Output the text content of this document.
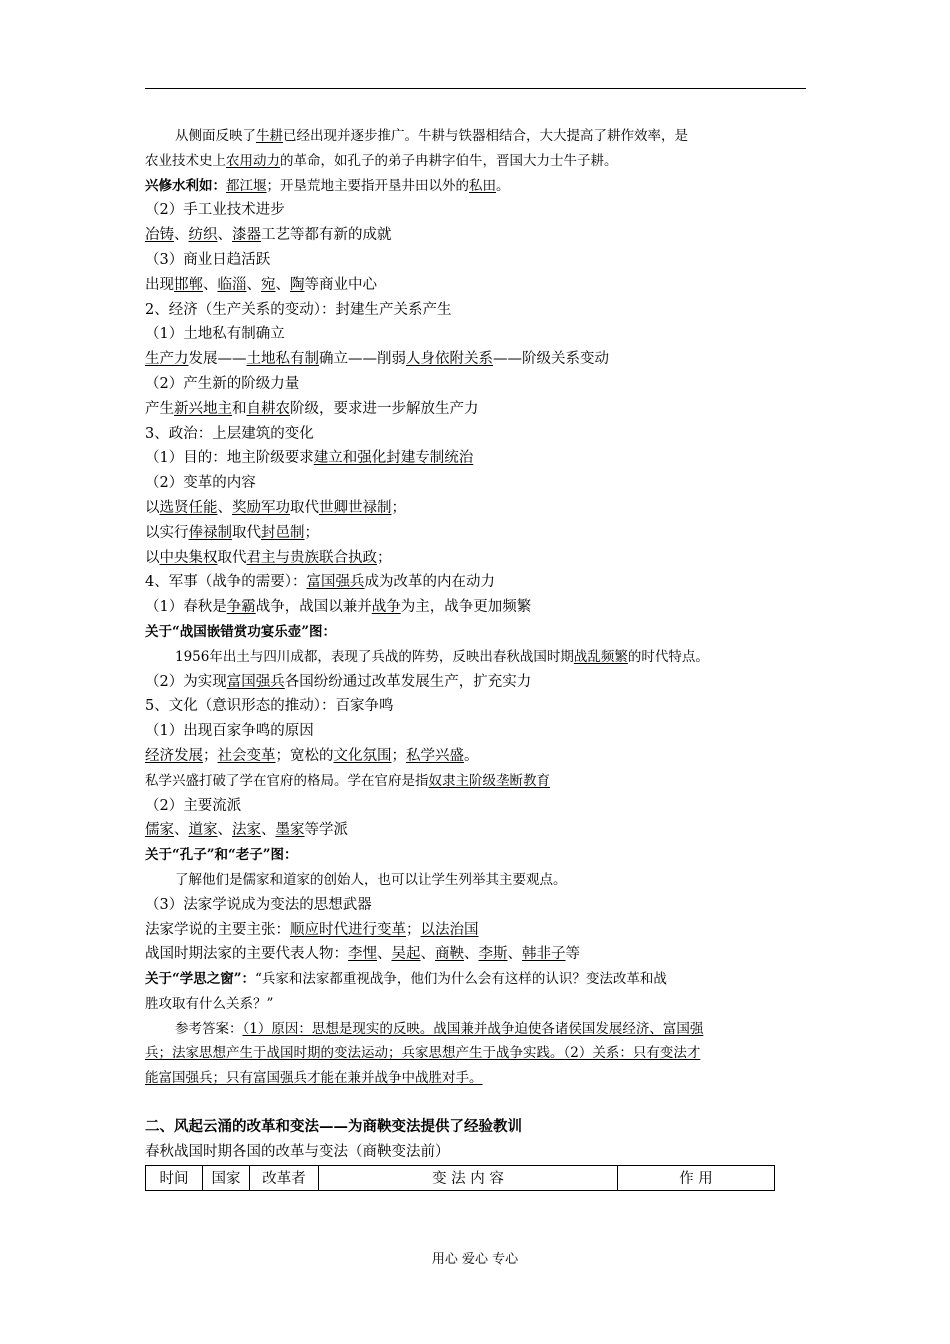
从侧面反映了牛耕已经出现并逐步推广。牛耕与铁器相结合，大大提高了耕作效率，是
农业技术史上农用动力的革命，如孔子的弟子冉耕字伯牛，晋国大力士牛子耕。
兴修水利如：都江堰；开垦荒地主要指开垦井田以外的私田。
（2）手工业技术进步
冶铸、纺织、漆器工艺等都有新的成就
（3）商业日趋活跃
出现邯郸、临淄、宛、陶等商业中心
2、经济（生产关系的变动）：封建生产关系产生
（1）土地私有制确立
生产力发展——土地私有制确立——削弱人身依附关系——阶级关系变动
（2）产生新的阶级力量
产生新兴地主和自耕农阶级，要求进一步解放生产力
3、政治：上层建筑的变化
（1）目的：地主阶级要求建立和强化封建专制统治
（2）变革的内容
以选贤任能、奖励军功取代世卿世禄制；
以实行俸禄制取代封邑制；
以中央集权取代君主与贵族联合执政；
4、军事（战争的需要）：富国强兵成为改革的内在动力
（1）春秋是争霸战争，战国以兼并战争为主，战争更加频繁
关于“战国嵌错赏功宴乐壶”图：
1956年出土与四川成都，表现了兵战的阵势，反映出春秋战国时期战乱频繁的时代特点。
（2）为实现富国强兵各国纷纷通过改革发展生产，扩充实力
5、文化（意识形态的推动）：百家争鸣
（1）出现百家争鸣的原因
经济发展；社会变革；宽松的文化氛围；私学兴盛。
私学兴盛打破了学在官府的格局。学在官府是指奴隶主阶级垄断教育
（2）主要流派
儒家、道家、法家、墨家等学派
关于“孔子”和“老子”图：
了解他们是儒家和道家的创始人，也可以让学生列举其主要观点。
（3）法家学说成为变法的思想武器
法家学说的主要主张：顺应时代进行变革；以法治国
战国时期法家的主要代表人物：李悝、吴起、商鞅、李斯、韩非子等
关于“学思之窗”：“兵家和法家都重视战争，他们为什么会有这样的认识？变法改革和战
胜攻取有什么关系？”
参考答案：（1）原因：思想是现实的反映。战国兼并战争迫使各诸侯国发展经济、富国强
兵；法家思想产生于战国时期的变法运动；兵家思想产生于战争实践。（2）关系：只有变法才
能富国强兵；只有富国强兵才能在兼并战争中战胜对手。
二、风起云涌的改革和变法——为商鞅变法提供了经验教训
春秋战国时期各国的改革与变法（商鞅变法前）
时间	国家	改革者	变 法 内 容	作 用
用心 爱心 专心
